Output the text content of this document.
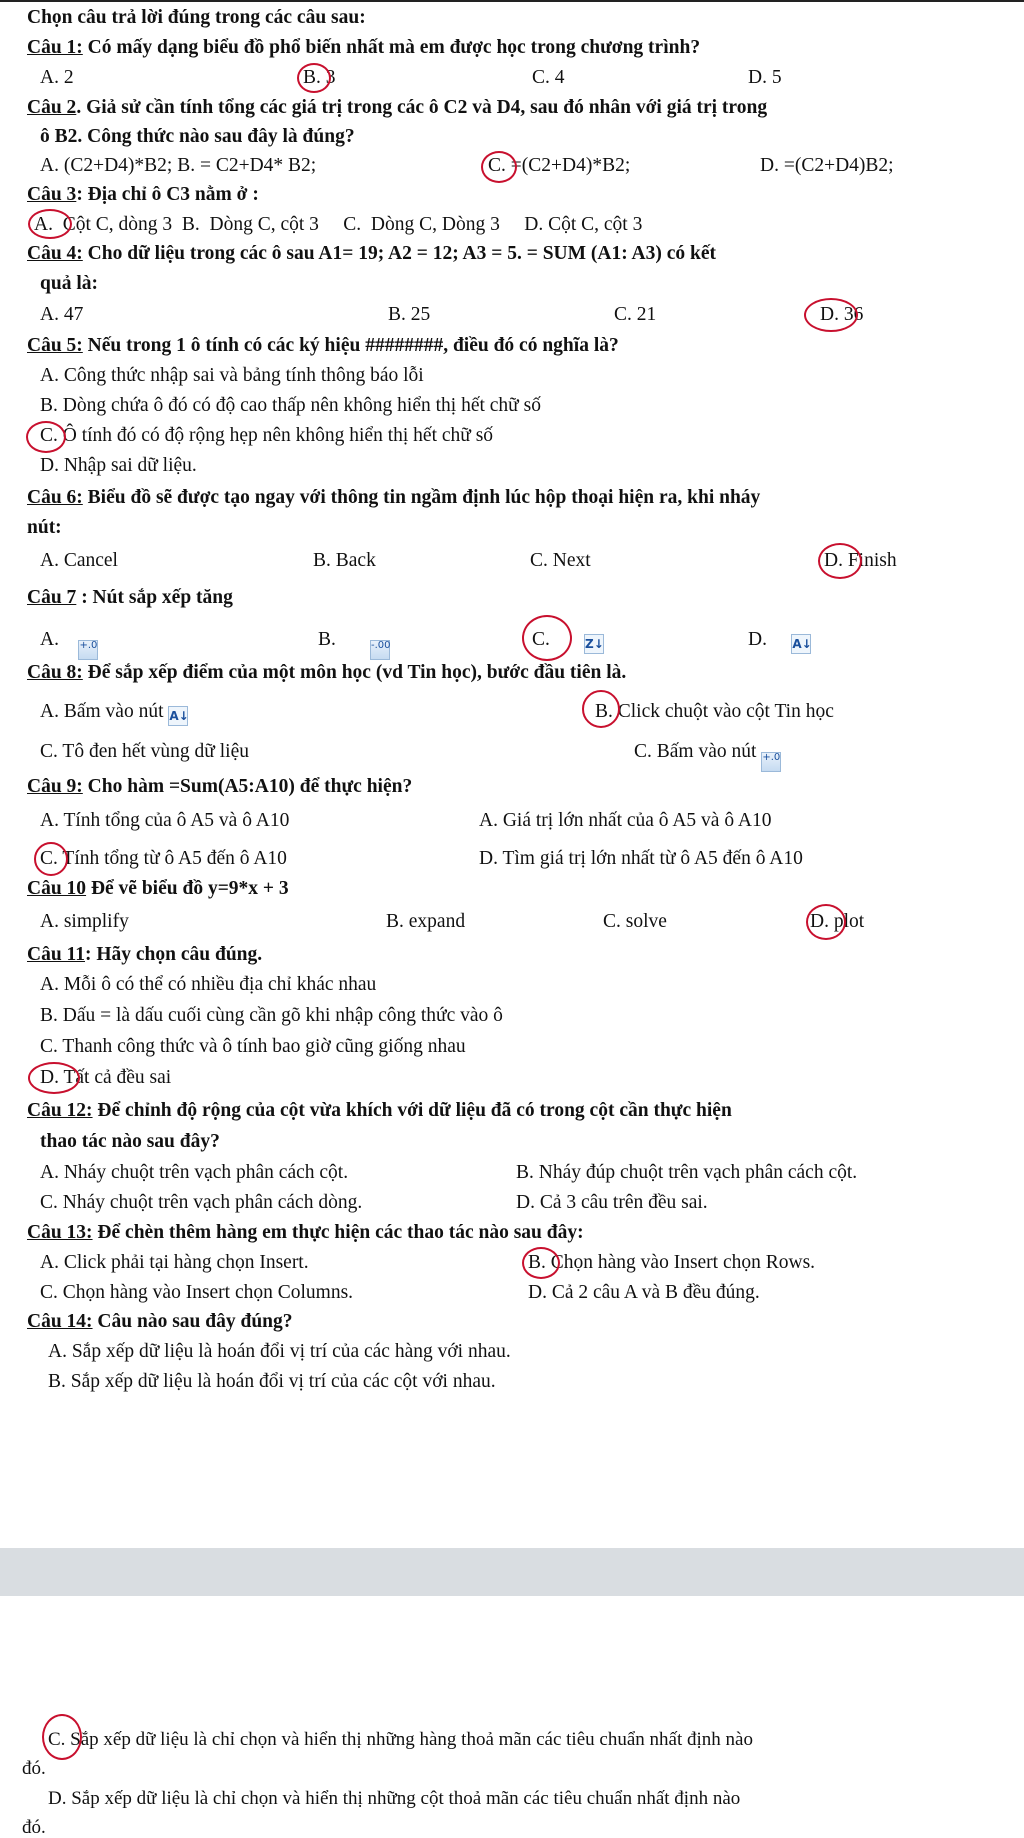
Chọn câu trả lời đúng trong các câu sau:
Câu 1: Có mấy dạng biểu đồ phổ biến nhất mà em được học trong chương trình?
A. 2	B. 3	C. 4	D. 5
Câu 2. Giả sử cần tính tổng các giá trị trong các ô C2 và D4, sau đó nhân với giá trị trong
ô B2. Công thức nào sau đây là đúng?
A. (C2+D4)*B2; B. = C2+D4* B2;	C. =(C2+D4)*B2;	D. =(C2+D4)B2;
Câu 3: Địa chỉ ô C3 nằm ở :
A.  Cột C, dòng 3  B.  Dòng C, cột 3     C.  Dòng C, Dòng 3     D. Cột C, cột 3
Câu 4: Cho dữ liệu trong các ô sau A1= 19; A2 = 12; A3 = 5. = SUM (A1: A3) có kết
quả là:
A. 47	B. 25	C. 21	D. 36
Câu 5: Nếu trong 1 ô tính có các ký hiệu ########, điều đó có nghĩa là?
A. Công thức nhập sai và bảng tính thông báo lỗi
B. Dòng chứa ô đó có độ cao thấp nên không hiển thị hết chữ số
C. Ô tính đó có độ rộng hẹp nên không hiển thị hết chữ số
D. Nhập sai dữ liệu.
Câu 6: Biểu đồ sẽ được tạo ngay với thông tin ngầm định lúc hộp thoại hiện ra, khi nháy
nút:
A. Cancel	B. Back	C. Next	D. Finish
Câu 7 : Nút sắp xếp tăng
A. +.0	B.	-.00	C.	Z↓	D. A↓
Câu 8: Để sắp xếp điểm của một môn học (vd Tin học), bước đầu tiên là.
A. Bấm vào nút A↓	B. Click chuột vào cột Tin học
C. Tô đen hết vùng dữ liệu	C. Bấm vào nút +.0
Câu 9: Cho hàm =Sum(A5:A10) để thực hiện?
A. Tính tổng của ô A5 và ô A10	A. Giá trị lớn nhất của ô A5 và ô A10
C. Tính tổng từ ô A5 đến ô A10	D. Tìm giá trị lớn nhất từ ô A5 đến ô A10
Câu 10 Để vẽ biểu đồ y=9*x + 3
A. simplify	B. expand	C. solve	D. plot
Câu 11: Hãy chọn câu đúng.
A. Mỗi ô có thể có nhiều địa chỉ khác nhau
B. Dấu = là dấu cuối cùng cần gõ khi nhập công thức vào ô
C. Thanh công thức và ô tính bao giờ cũng giống nhau
D. Tất cả đều sai
Câu 12: Để chỉnh độ rộng của cột vừa khích với dữ liệu đã có trong cột cần thực hiện
thao tác nào sau đây?
A. Nháy chuột trên vạch phân cách cột.	B. Nháy đúp chuột trên vạch phân cách cột.
C. Nháy chuột trên vạch phân cách dòng.	D. Cả 3 câu trên đều sai.
Câu 13: Để chèn thêm hàng em thực hiện các thao tác nào sau đây:
A. Click phải tại hàng chọn Insert.	B. Chọn hàng vào Insert chọn Rows.
C. Chọn hàng vào Insert chọn Columns.	D. Cả 2 câu A và B đều đúng.
Câu 14: Câu nào sau đây đúng?
A. Sắp xếp dữ liệu là hoán đổi vị trí của các hàng với nhau.
B. Sắp xếp dữ liệu là hoán đổi vị trí của các cột với nhau.
C. Sắp xếp dữ liệu là chỉ chọn và hiển thị những hàng thoả mãn các tiêu chuẩn nhất định nào
đó.
D. Sắp xếp dữ liệu là chỉ chọn và hiển thị những cột thoả mãn các tiêu chuẩn nhất định nào
đó.
